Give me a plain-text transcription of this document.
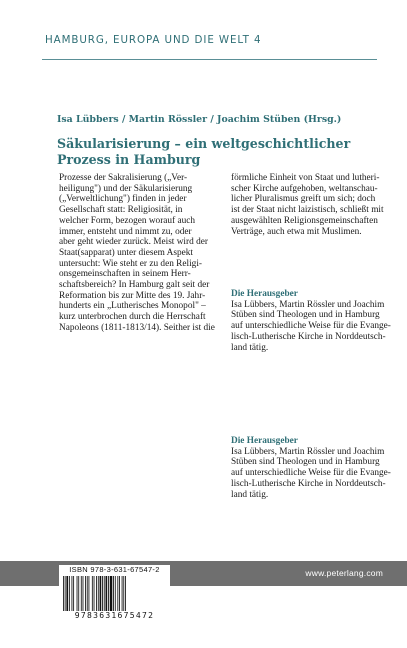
HAMBURG, EUROPA UND DIE WELT 4
Isa Lübbers / Martin Rössler / Joachim Stüben (Hrsg.)
Säkularisierung – ein weltgeschichtlicher Prozess in Hamburg
Prozesse der Sakralisierung („Ver-
heiligung") und der Säkularisierung
(„Verweltlichung") finden in jeder
Gesellschaft statt: Religiosität, in
welcher Form, bezogen worauf auch
immer, entsteht und nimmt zu, oder
aber geht wieder zurück. Meist wird der
Staat(sapparat) unter diesem Aspekt
untersucht: Wie steht er zu den Religi-
onsgemeinschaften in seinem Herr-
schaftsbereich? In Hamburg galt seit der
Reformation bis zur Mitte des 19. Jahr-
hunderts ein „Lutherisches Monopol" –
kurz unterbrochen durch die Herrschaft
Napoleons (1811-1813/14). Seither ist die
förmliche Einheit von Staat und lutheri-
scher Kirche aufgehoben, weltanschau-
licher Pluralismus greift um sich; doch
ist der Staat nicht laizistisch, schließt mit
ausgewählten Religionsgemeinschaften
Verträge, auch etwa mit Muslimen.
Die Herausgeber
Isa Lübbers, Martin Rössler und Joachim
Stüben sind Theologen und in Hamburg
auf unterschiedliche Weise für die Evange-
lisch-Lutherische Kirche in Norddeutsch-
land tätig.
Die Herausgeber
Isa Lübbers, Martin Rössler und Joachim
Stüben sind Theologen und in Hamburg
auf unterschiedliche Weise für die Evange-
lisch-Lutherische Kirche in Norddeutsch-
land tätig.
www.peterlang.com
ISBN 978-3-631-67547-2
9783631675472
